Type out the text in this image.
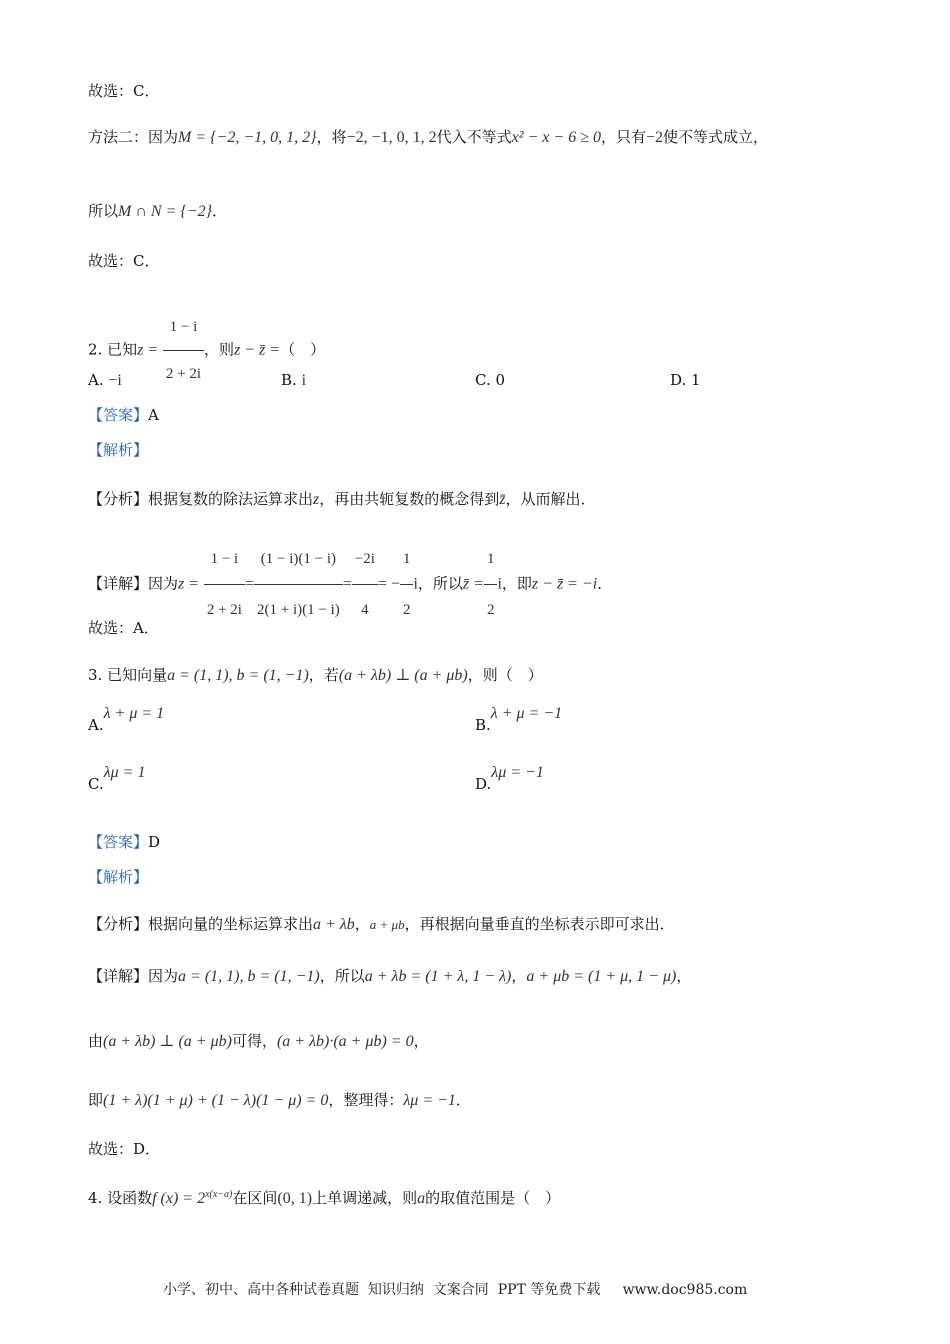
故选：C．
方法二：因为M = {−2, −1, 0, 1, 2}，将−2, −1, 0, 1, 2代入不等式x² − x − 6 ≥ 0，只有−2使不等式成立，
所以M ∩ N = {−2}．
故选：C．
2. 已知$z = \frac{1 - i}{2 + 2i}$ ，则z − z̄ =（　）
A. −i	B. i	C. 0	D. 1
【答案】A
【解析】
【分析】根据复数的除法运算求出z，再由共轭复数的概念得到z̄，从而解出．
【详解】因为$z = \frac{1 - i}{2 + 2i} = \frac{(1 - i)(1 - i)}{2(1 + i)(1 - i)} = \frac{-2i}{4}$ = − $\frac{1}{2}$ i，所以z̄ = $\frac{1}{2}$ i，即z − z̄ = −i．
故选：A．
3. 已知向量a = (1, 1), b = (1, −1)，若(a + λb) ⊥ (a + μb)，则（　）
A.λ + μ = 1
B.λ + μ = −1
C.λμ = 1
D.λμ = −1
【答案】D
【解析】
【分析】根据向量的坐标运算求出a + λb，a + μb，再根据向量垂直的坐标表示即可求出．
【详解】因为a = (1, 1), b = (1, −1)，所以a + λb = (1 + λ, 1 − λ)，a + μb = (1 + μ, 1 − μ)，
由(a + λb) ⊥ (a + μb)可得，(a + λb)·(a + μb) = 0，
即(1 + λ)(1 + μ) + (1 − λ)(1 − μ) = 0，整理得：λμ = −1．
故选：D．
4. 设函数f $(x) = 2^{x(x-a)}$在区间(0, 1)上单调递减，则a的取值范围是（　）
小学、初中、高中各种试卷真题  知识归纳  文案合同  PPT 等免费下载     www.doc985.com
